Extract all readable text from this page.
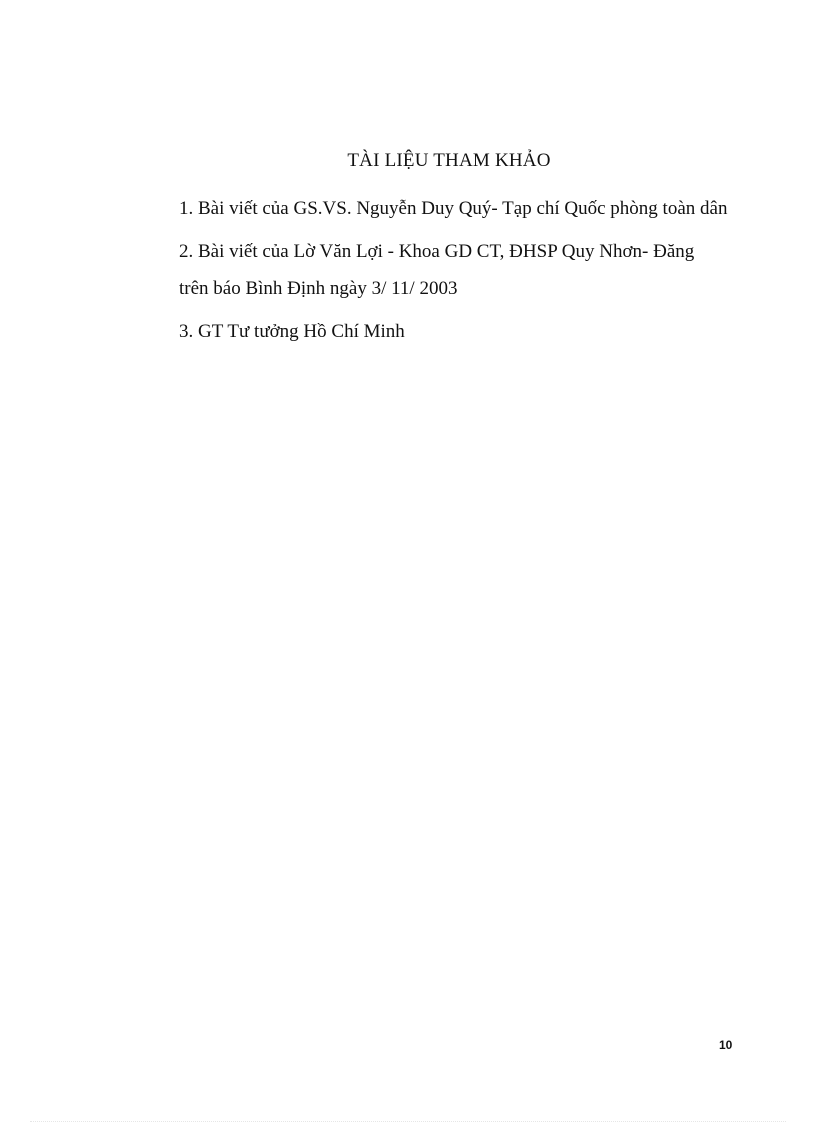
TÀI LIỆU THAM KHẢO
1. Bài viết của GS.VS. Nguyễn Duy Quý- Tạp chí Quốc phòng toàn dân
2. Bài viết của Lờ Văn Lợi - Khoa GD CT, ĐHSP Quy Nhơn- Đăng
trên báo Bình Định ngày 3/ 11/ 2003
3. GT Tư tưởng Hồ Chí Minh
10
